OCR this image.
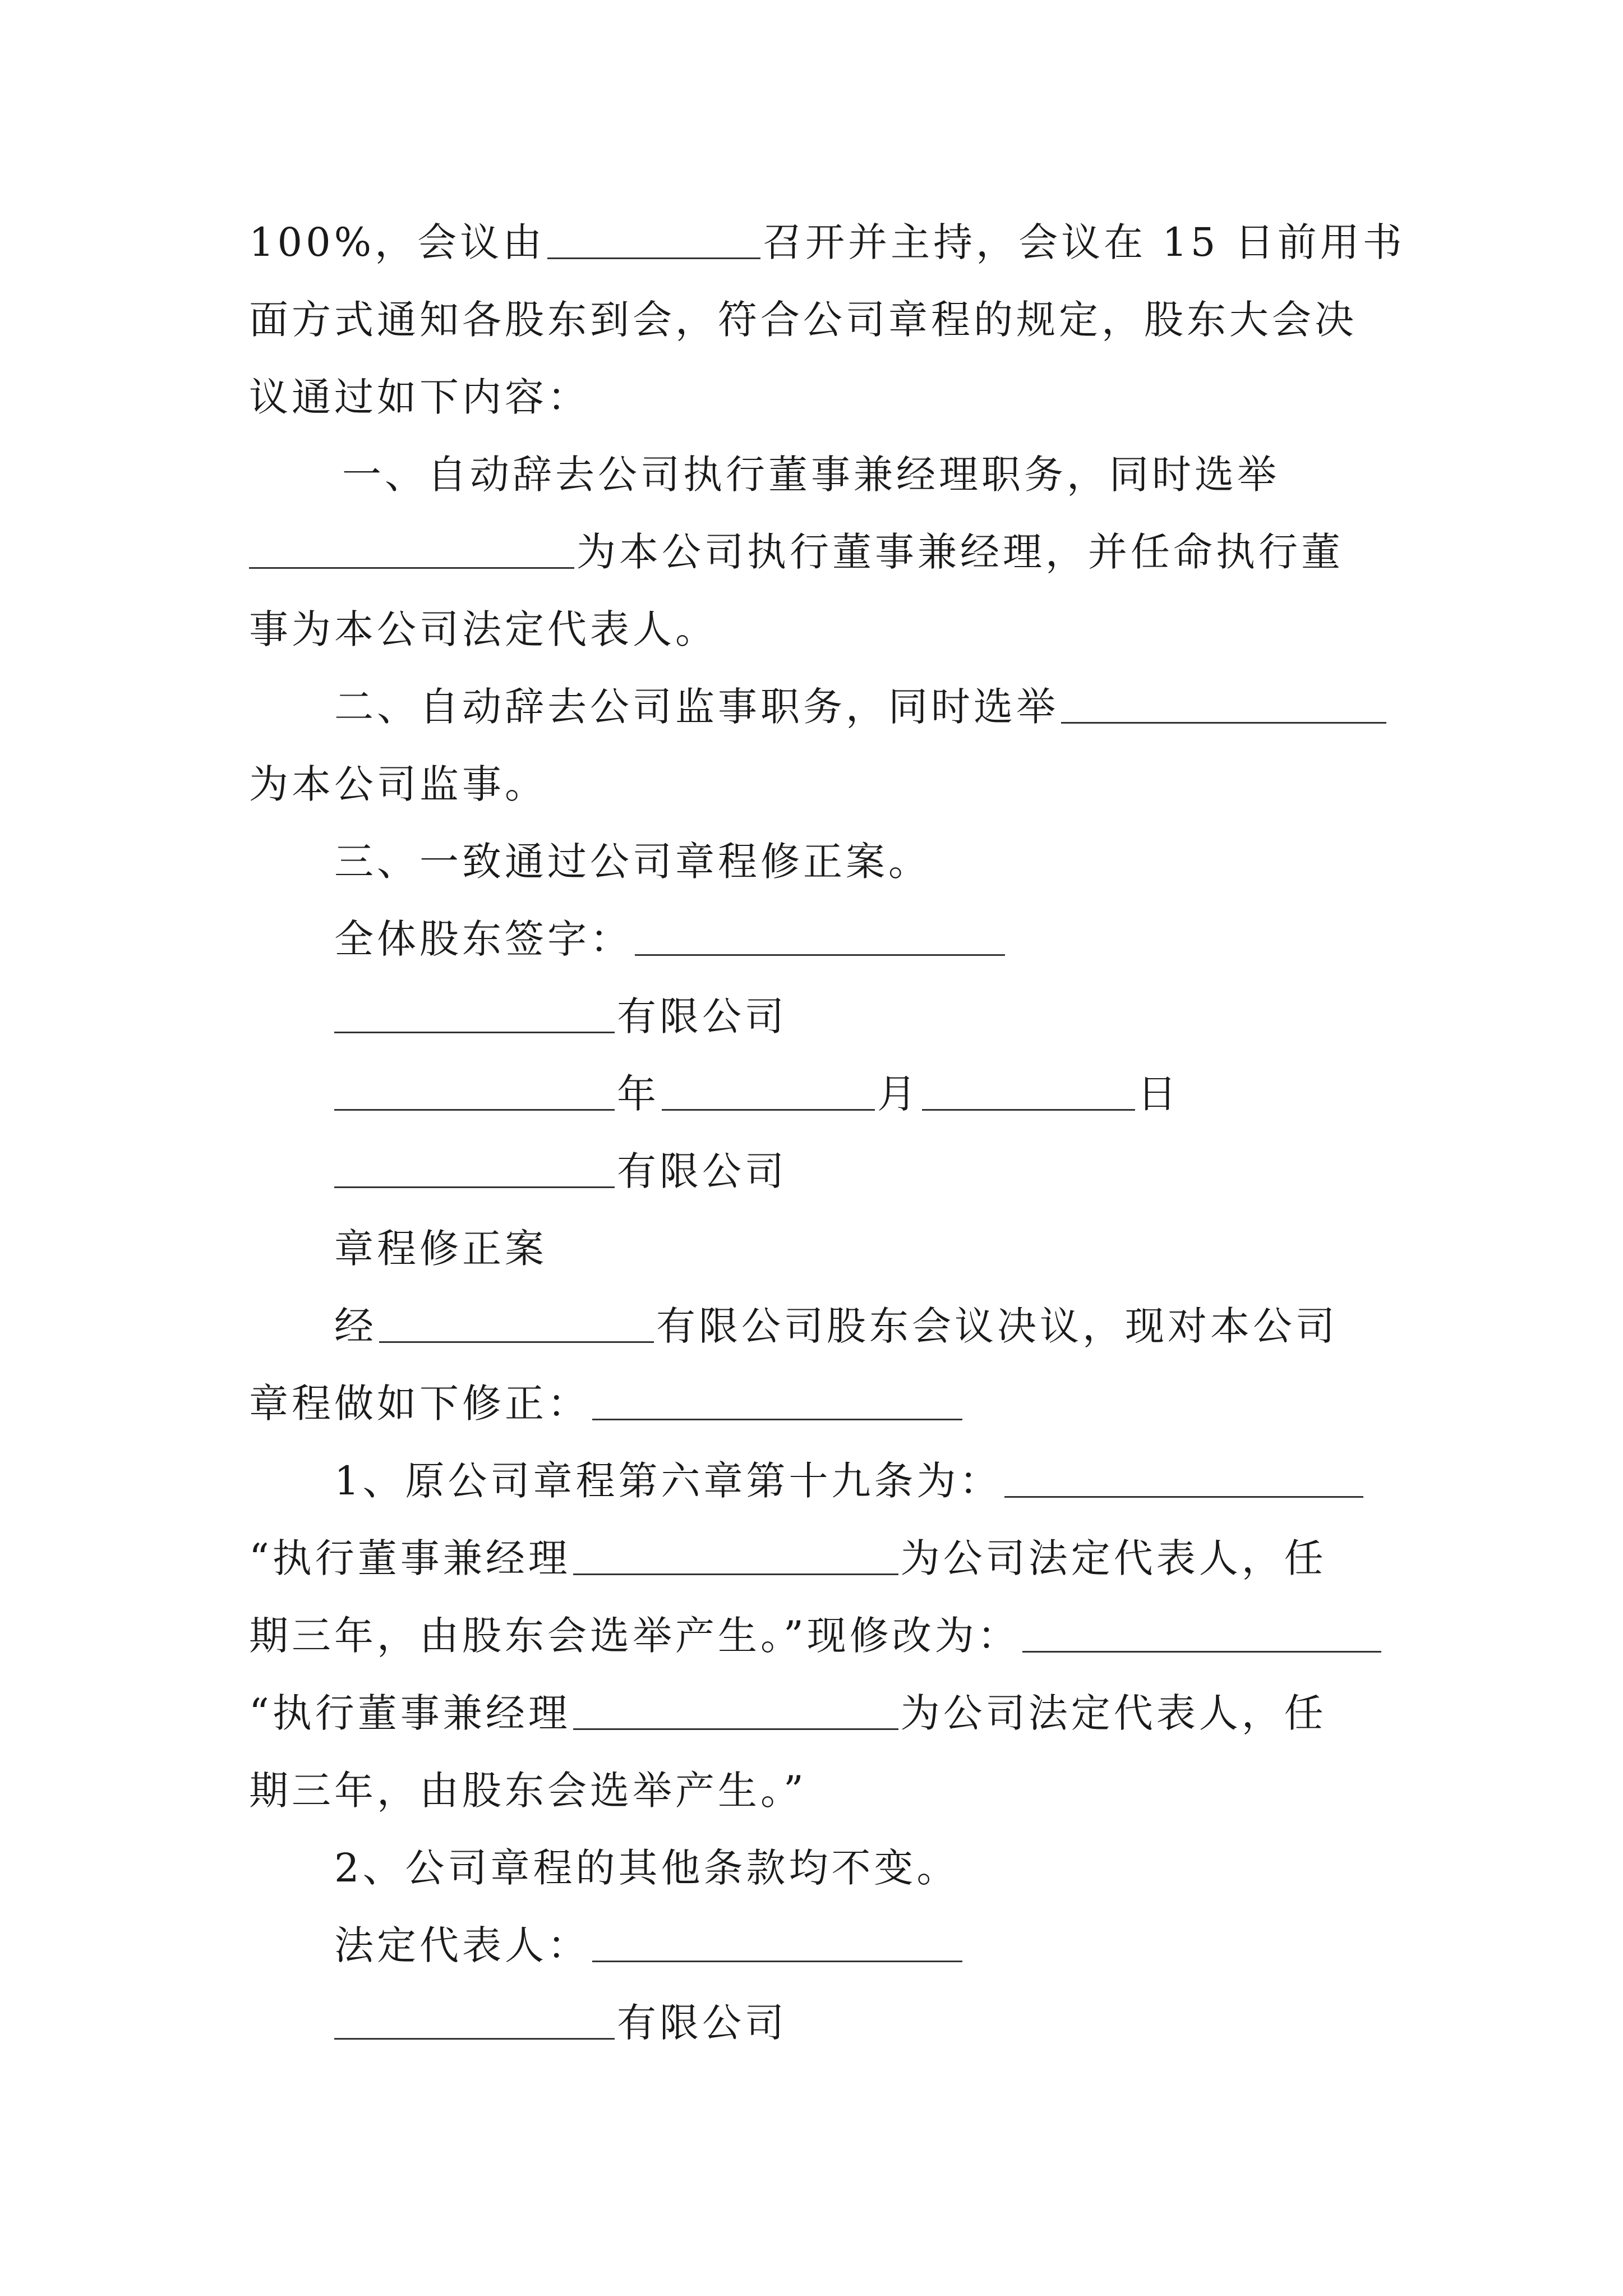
100%，会议由	召开并主持，会议在 15 日前用书
面方式通知各股东到会，符合公司章程的规定，股东大会决
议通过如下内容：
一、自动辞去公司执行董事兼经理职务，同时选举
为本公司执行董事兼经理，并任命执行董
事为本公司法定代表人。
二、自动辞去公司监事职务，同时选举
为本公司监事。
三、一致通过公司章程修正案。
全体股东签字：
有限公司
年	月	日
有限公司
章程修正案
经	有限公司股东会议决议，现对本公司
章程做如下修正：
1、原公司章程第六章第十九条为：
“执行董事兼经理	为公司法定代表人，任
期三年，由股东会选举产生。”现修改为：
“执行董事兼经理	为公司法定代表人，任
期三年，由股东会选举产生。”
2、公司章程的其他条款均不变。
法定代表人：
有限公司
